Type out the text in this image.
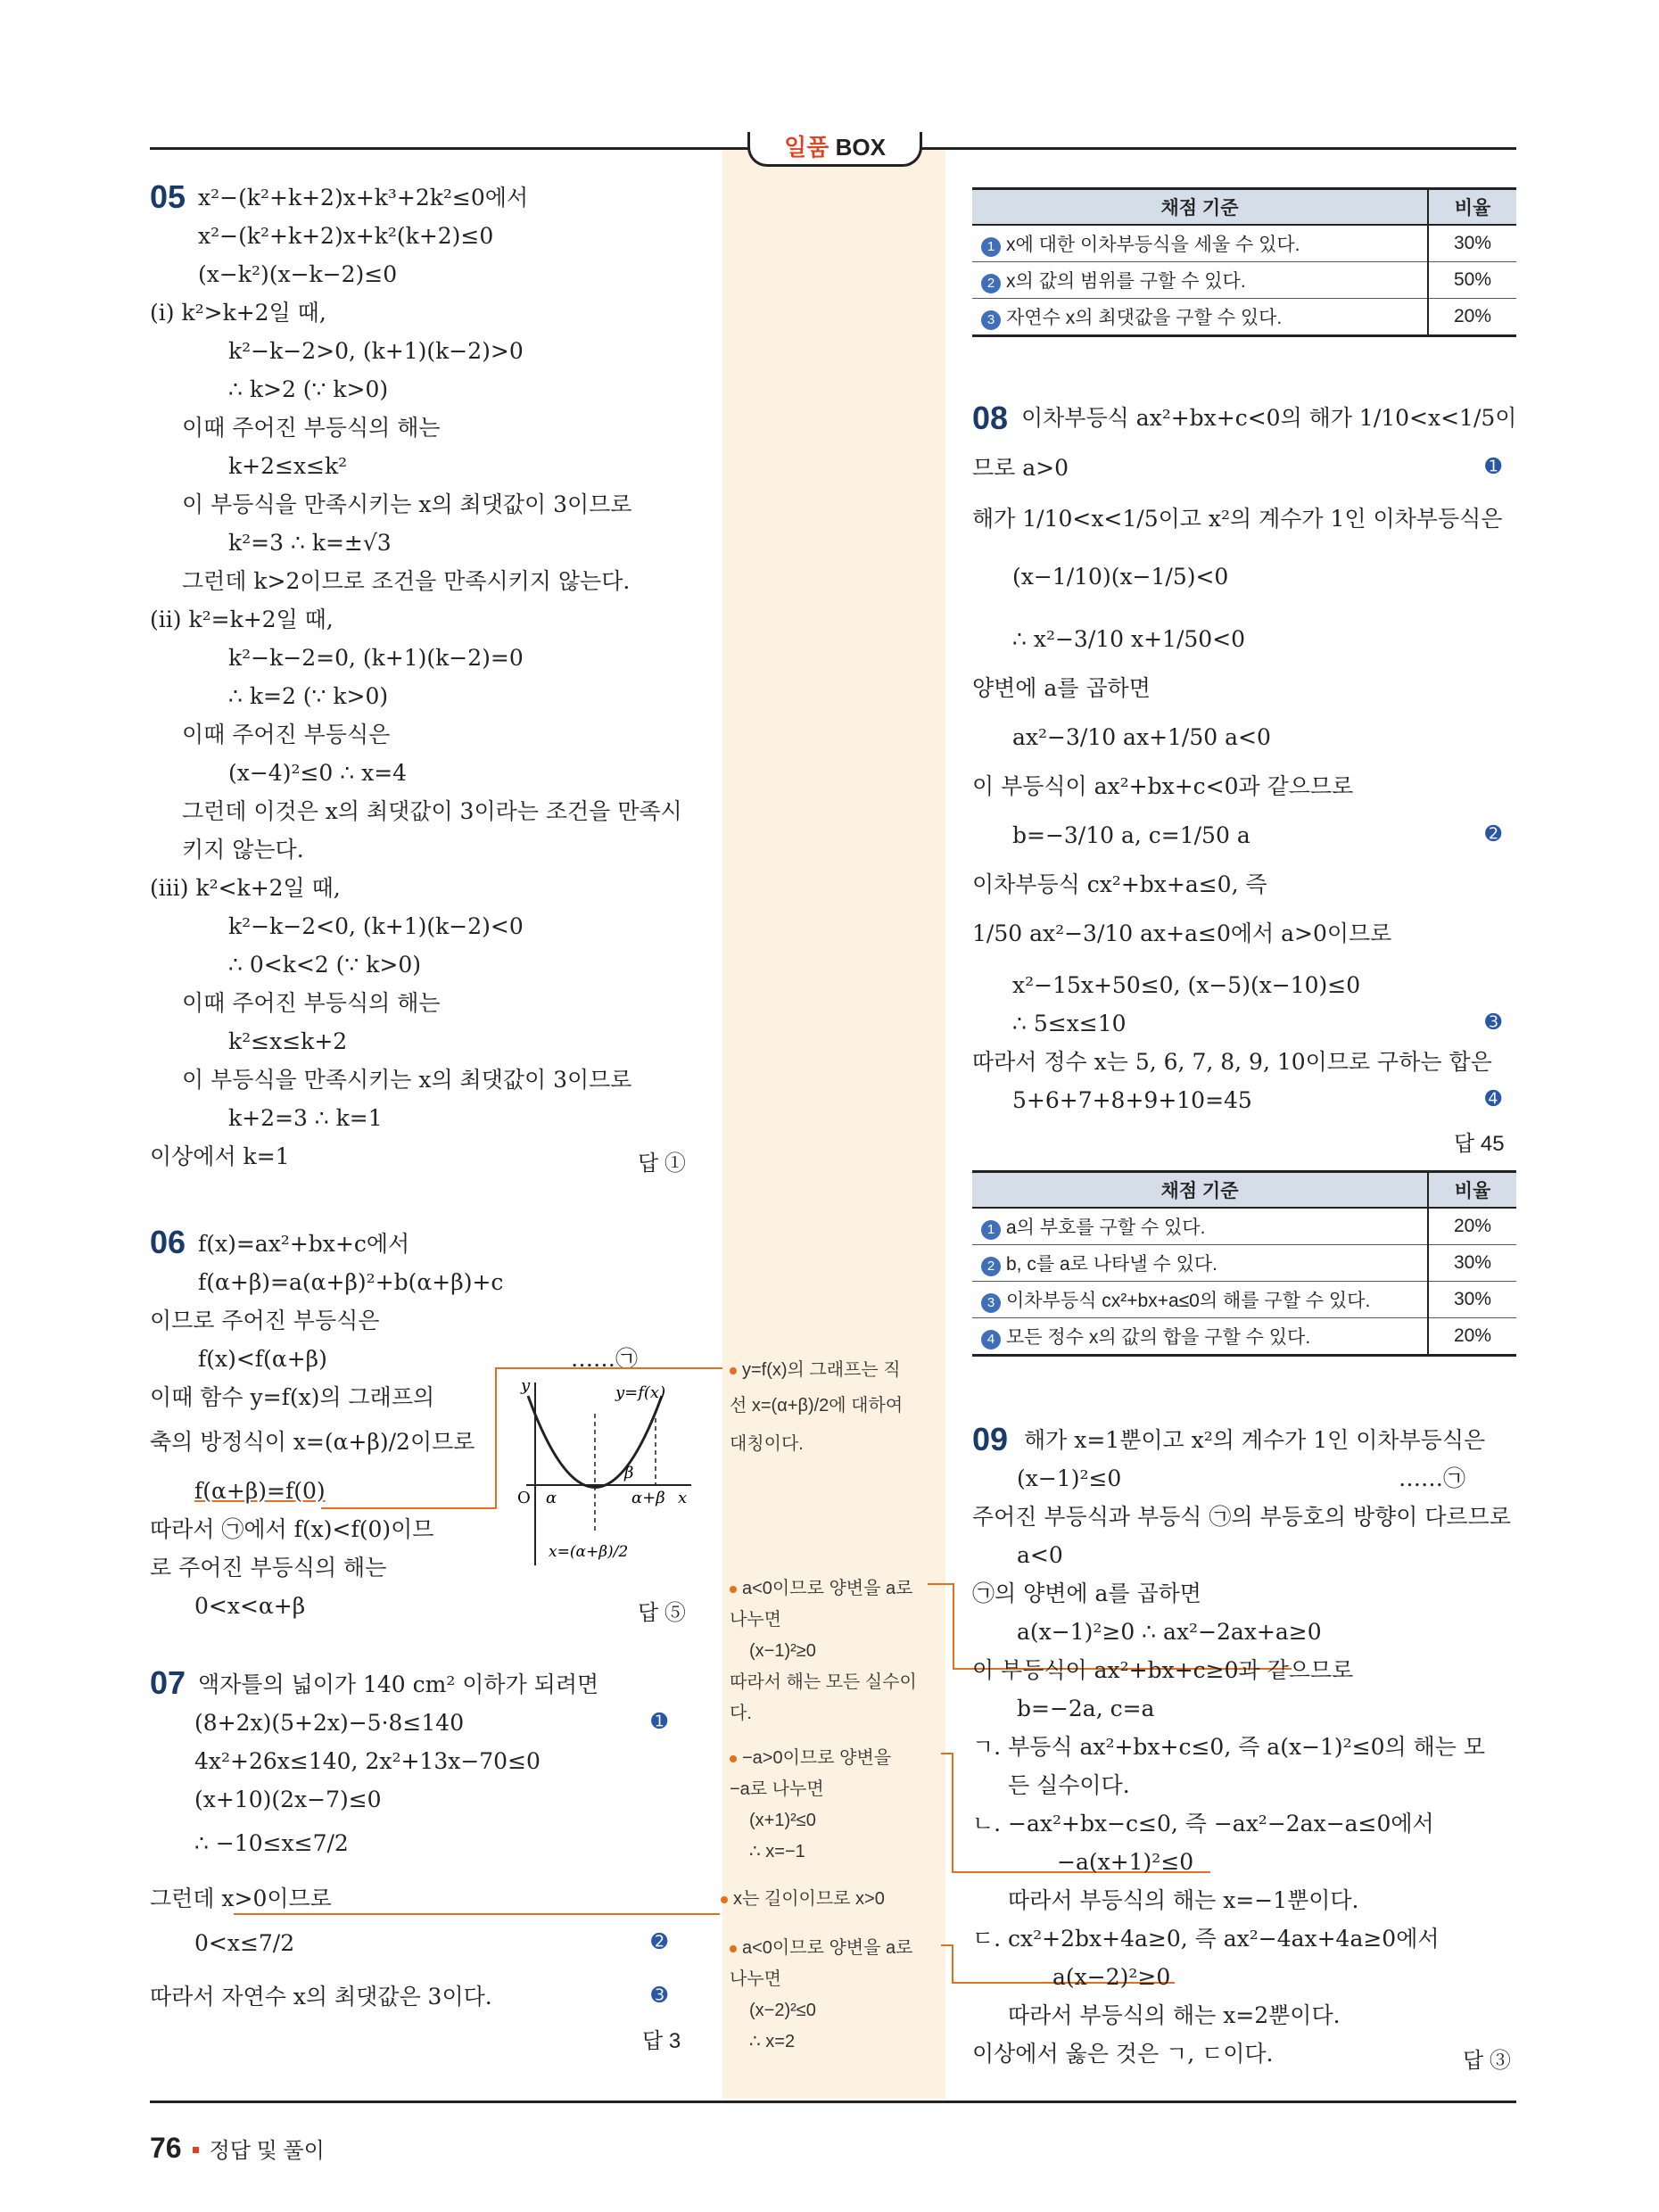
일품 BOX
76 정답 및 풀이
05 x²−(k²+k+2)x+k³+2k²≤0에서
x²−(k²+k+2)x+k²(k+2)≤0
(x−k²)(x−k−2)≤0
(ⅰ) k²>k+2일 때,
k²−k−2>0, (k+1)(k−2)>0
∴ k>2 (∵ k>0)
이때 주어진 부등식의 해는
k+2≤x≤k²
이 부등식을 만족시키는 x의 최댓값이 3이므로
k²=3 ∴ k=±√3
그런데 k>2이므로 조건을 만족시키지 않는다.
(ⅱ) k²=k+2일 때,
k²−k−2=0, (k+1)(k−2)=0
∴ k=2 (∵ k>0)
이때 주어진 부등식은
(x−4)²≤0 ∴ x=4
그런데 이것은 x의 최댓값이 3이라는 조건을 만족시
키지 않는다.
(ⅲ) k²<k+2일 때,
k²−k−2<0, (k+1)(k−2)<0
∴ 0<k<2 (∵ k>0)
이때 주어진 부등식의 해는
k²≤x≤k+2
이 부등식을 만족시키는 x의 최댓값이 3이므로
k+2=3 ∴ k=1
이상에서 k=1	답 ①
06 f(x)=ax²+bx+c에서
f(α+β)=a(α+β)²+b(α+β)+c
이므로 주어진 부등식은
f(x)<f(α+β)
이때 함수 y=f(x)의 그래프의
축의 방정식이 x=(α+β)/2이므로
f(α+β)=f(0)
따라서 ㉠에서 f(x)<f(0)이므
로 주어진 부등식의 해는
0<x<α+β
……㉠
답 ⑤
y	y=f(x)
O α
β
α+β x
x=(α+β)/2
07 액자틀의 넓이가 140 cm² 이하가 되려면
(8+2x)(5+2x)−5·8≤140
4x²+26x≤140, 2x²+13x−70≤0
(x+10)(2x−7)≤0
∴ −10≤x≤7/2
그런데 x>0이므로
0<x≤7/2
따라서 자연수 x의 최댓값은 3이다.
➊
➋
➌
답 3
y=f(x)의 그래프는 직
선 x=(α+β)/2에 대하여
대칭이다.
a<0이므로 양변을 a로
나누면
(x−1)²≥0
따라서 해는 모든 실수이
다.
−a>0이므로 양변을
−a로 나누면
(x+1)²≤0
∴ x=−1
x는 길이이므로 x>0
a<0이므로 양변을 a로
나누면
(x−2)²≤0
∴ x=2
채점 기준	비율
1 x에 대한 이차부등식을 세울 수 있다.	30%
2 x의 값의 범위를 구할 수 있다.	50%
3 자연수 x의 최댓값을 구할 수 있다.	20%
08 이차부등식 ax²+bx+c<0의 해가 1/10<x<1/5이
므로 a>0
해가 1/10<x<1/5이고 x²의 계수가 1인 이차부등식은
(x−1/10)(x−1/5)<0
∴ x²−3/10 x+1/50<0
양변에 a를 곱하면
ax²−3/10 ax+1/50 a<0
이 부등식이 ax²+bx+c<0과 같으므로
b=−3/10 a, c=1/50 a
이차부등식 cx²+bx+a≤0, 즉
1/50 ax²−3/10 ax+a≤0에서 a>0이므로
x²−15x+50≤0, (x−5)(x−10)≤0
∴ 5≤x≤10
따라서 정수 x는 5, 6, 7, 8, 9, 10이므로 구하는 합은
5+6+7+8+9+10=45
➊
➋
➌
➍
답 45
채점 기준	비율
1 a의 부호를 구할 수 있다.	20%
2 b, c를 a로 나타낼 수 있다.	30%
3 이차부등식 cx²+bx+a≤0의 해를 구할 수 있다.	30%
4 모든 정수 x의 값의 합을 구할 수 있다.	20%
09 해가 x=1뿐이고 x²의 계수가 1인 이차부등식은
(x−1)²≤0
주어진 부등식과 부등식 ㉠의 부등호의 방향이 다르므로
a<0
㉠의 양변에 a를 곱하면
a(x−1)²≥0 ∴ ax²−2ax+a≥0
이 부등식이 ax²+bx+c≥0과 같으므로
b=−2a, c=a
ㄱ. 부등식 ax²+bx+c≤0, 즉 a(x−1)²≤0의 해는 모
든 실수이다.
ㄴ. −ax²+bx−c≤0, 즉 −ax²−2ax−a≤0에서
−a(x+1)²≤0
따라서 부등식의 해는 x=−1뿐이다.
ㄷ. cx²+2bx+4a≥0, 즉 ax²−4ax+4a≥0에서
a(x−2)²≥0
따라서 부등식의 해는 x=2뿐이다.
이상에서 옳은 것은 ㄱ, ㄷ이다.
……㉠
답 ③
